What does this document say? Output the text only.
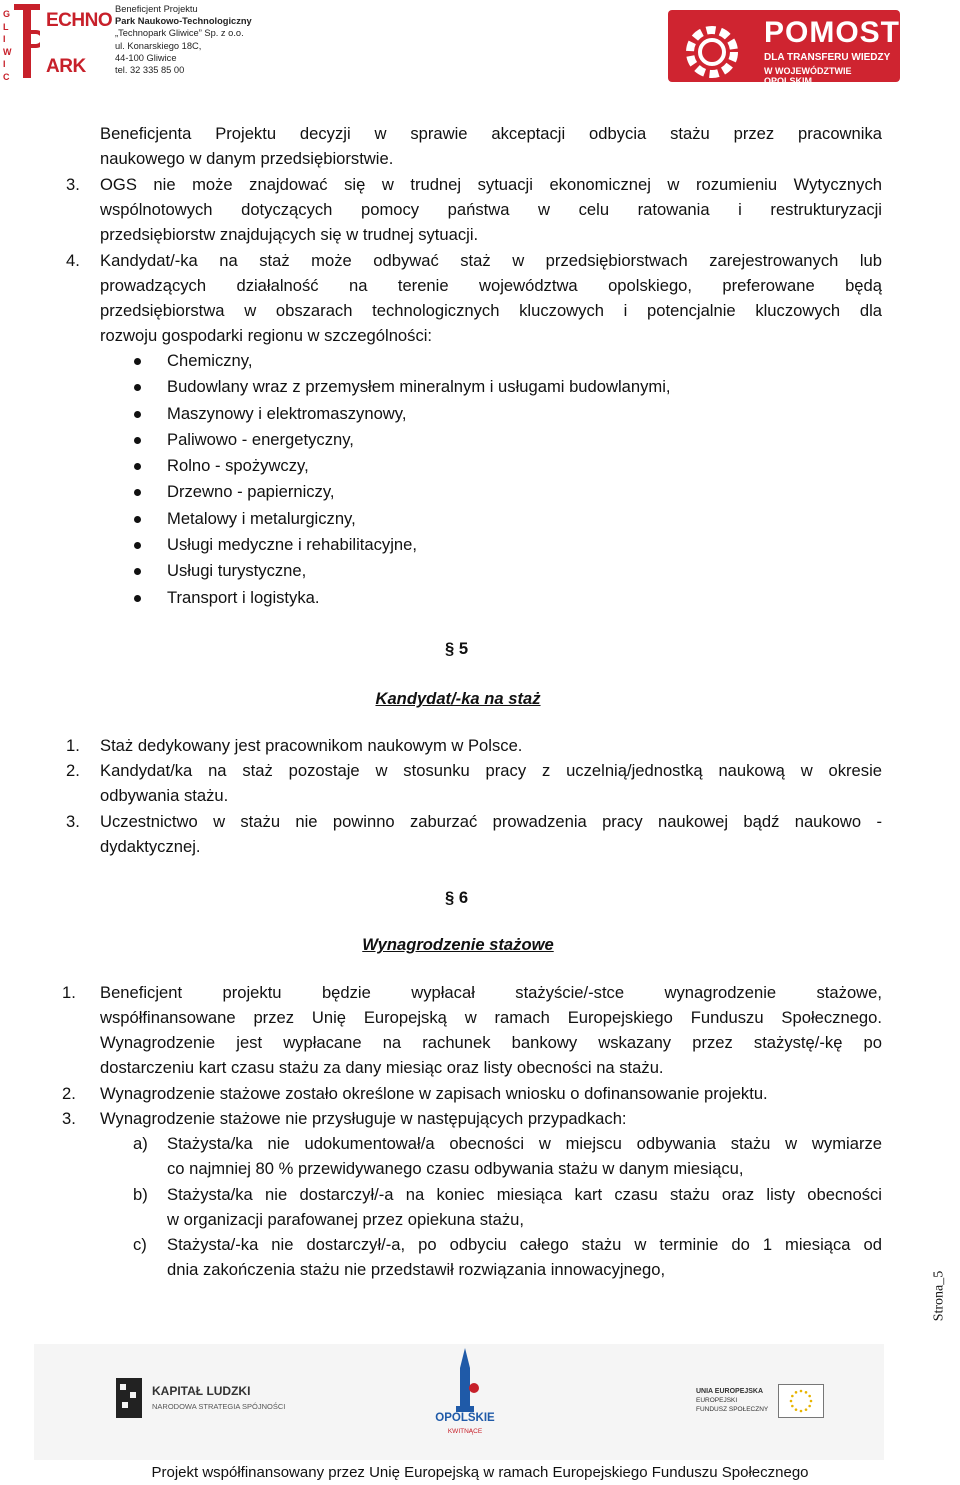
G
L
I
W
I
C
ECHNO
ARK
Beneficjent Projektu
Park Naukowo-Technologiczny
„Technopark Gliwice” Sp. z o.o.
ul. Konarskiego 18C,
44-100 Gliwice
tel. 32 335 85 00
POMOST
DLA TRANSFERU WIEDZY
W WOJEWÓDZTWIE OPOLSKIM
Beneficjenta Projektu decyzji w sprawie akceptacji odbycia stażu przez pracownika
naukowego w danym przedsiębiorstwie.
3. OGS nie może znajdować się w trudnej sytuacji ekonomicznej w rozumieniu Wytycznych
wspólnotowych dotyczących pomocy państwa w celu ratowania i restrukturyzacji
przedsiębiorstw znajdujących się w trudnej sytuacji.
4. Kandydat/-ka na staż może odbywać staż w przedsiębiorstwach zarejestrowanych lub
prowadzących działalność na terenie województwa opolskiego, preferowane będą
przedsiębiorstwa w obszarach technologicznych kluczowych i potencjalnie kluczowych dla
rozwoju gospodarki regionu w szczególności:
Chemiczny,
Budowlany wraz z przemysłem mineralnym i usługami budowlanymi,
Maszynowy i elektromaszynowy,
Paliwowo - energetyczny,
Rolno - spożywczy,
Drzewno - papierniczy,
Metalowy i metalurgiczny,
Usługi medyczne i rehabilitacyjne,
Usługi turystyczne,
Transport i logistyka.
§ 5
Kandydat/-ka na staż
1. Staż dedykowany jest pracownikom naukowym w Polsce.
2. Kandydat/ka na staż pozostaje w stosunku pracy z uczelnią/jednostką naukową w okresie
odbywania stażu.
3. Uczestnictwo w stażu nie powinno zaburzać prowadzenia pracy naukowej bądź naukowo -
dydaktycznej.
§ 6
Wynagrodzenie stażowe
1. Beneficjent projektu będzie wypłacał stażyście/-stce wynagrodzenie stażowe,
współfinansowane przez Unię Europejską w ramach Europejskiego Funduszu Społecznego.
Wynagrodzenie jest wypłacane na rachunek bankowy wskazany przez stażystę/-kę po
dostarczeniu kart czasu stażu za dany miesiąc oraz listy obecności na stażu.
2. Wynagrodzenie stażowe zostało określone w zapisach wniosku o dofinansowanie projektu.
3. Wynagrodzenie stażowe nie przysługuje w następujących przypadkach:
a) Stażysta/ka nie udokumentował/a obecności w miejscu odbywania stażu w wymiarze
co najmniej 80 % przewidywanego czasu odbywania stażu w danym miesiącu,
b) Stażysta/ka nie dostarczył/-a na koniec miesiąca kart czasu stażu oraz listy obecności
w organizacji parafowanej przez opiekuna stażu,
c) Stażysta/-ka nie dostarczył/-a, po odbyciu całego stażu w terminie do 1 miesiąca od
dnia zakończenia stażu nie przedstawił rozwiązania innowacyjnego,
Strona_5
KAPITAŁ LUDZKI
NARODOWA STRATEGIA SPÓJNOŚCI
OPOLSKIE
KWITNĄCE
UNIA EUROPEJSKA
EUROPEJSKI
FUNDUSZ SPOŁECZNY
Projekt współfinansowany przez Unię Europejską w ramach Europejskiego Funduszu Społecznego
